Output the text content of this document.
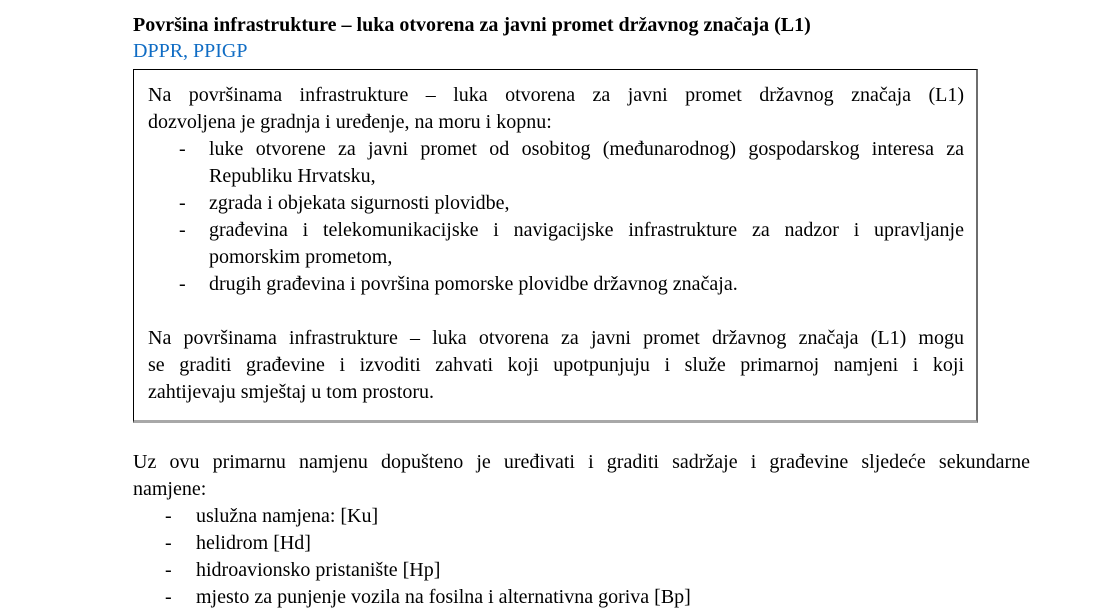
Površina infrastrukture – luka otvorena za javni promet državnog značaja (L1)
DPPR, PPIGP
Na površinama infrastrukture – luka otvorena za javni promet državnog značaja (L1)
dozvoljena je gradnja i uređenje, na moru i kopnu:
-	luke otvorene za javni promet od osobitog (međunarodnog) gospodarskog interesa za
Republiku Hrvatsku,
-	zgrada i objekata sigurnosti plovidbe,
-	građevina i telekomunikacijske i navigacijske infrastrukture za nadzor i upravljanje
pomorskim prometom,
-	drugih građevina i površina pomorske plovidbe državnog značaja.
Na površinama infrastrukture – luka otvorena za javni promet državnog značaja (L1) mogu
se graditi građevine i izvoditi zahvati koji upotpunjuju i služe primarnoj namjeni i koji
zahtijevaju smještaj u tom prostoru.
Uz ovu primarnu namjenu dopušteno je uređivati i graditi sadržaje i građevine sljedeće sekundarne
namjene:
-	uslužna namjena: [Ku]
-	helidrom [Hd]
-	hidroavionsko pristanište [Hp]
-	mjesto za punjenje vozila na fosilna i alternativna goriva [Bp]
